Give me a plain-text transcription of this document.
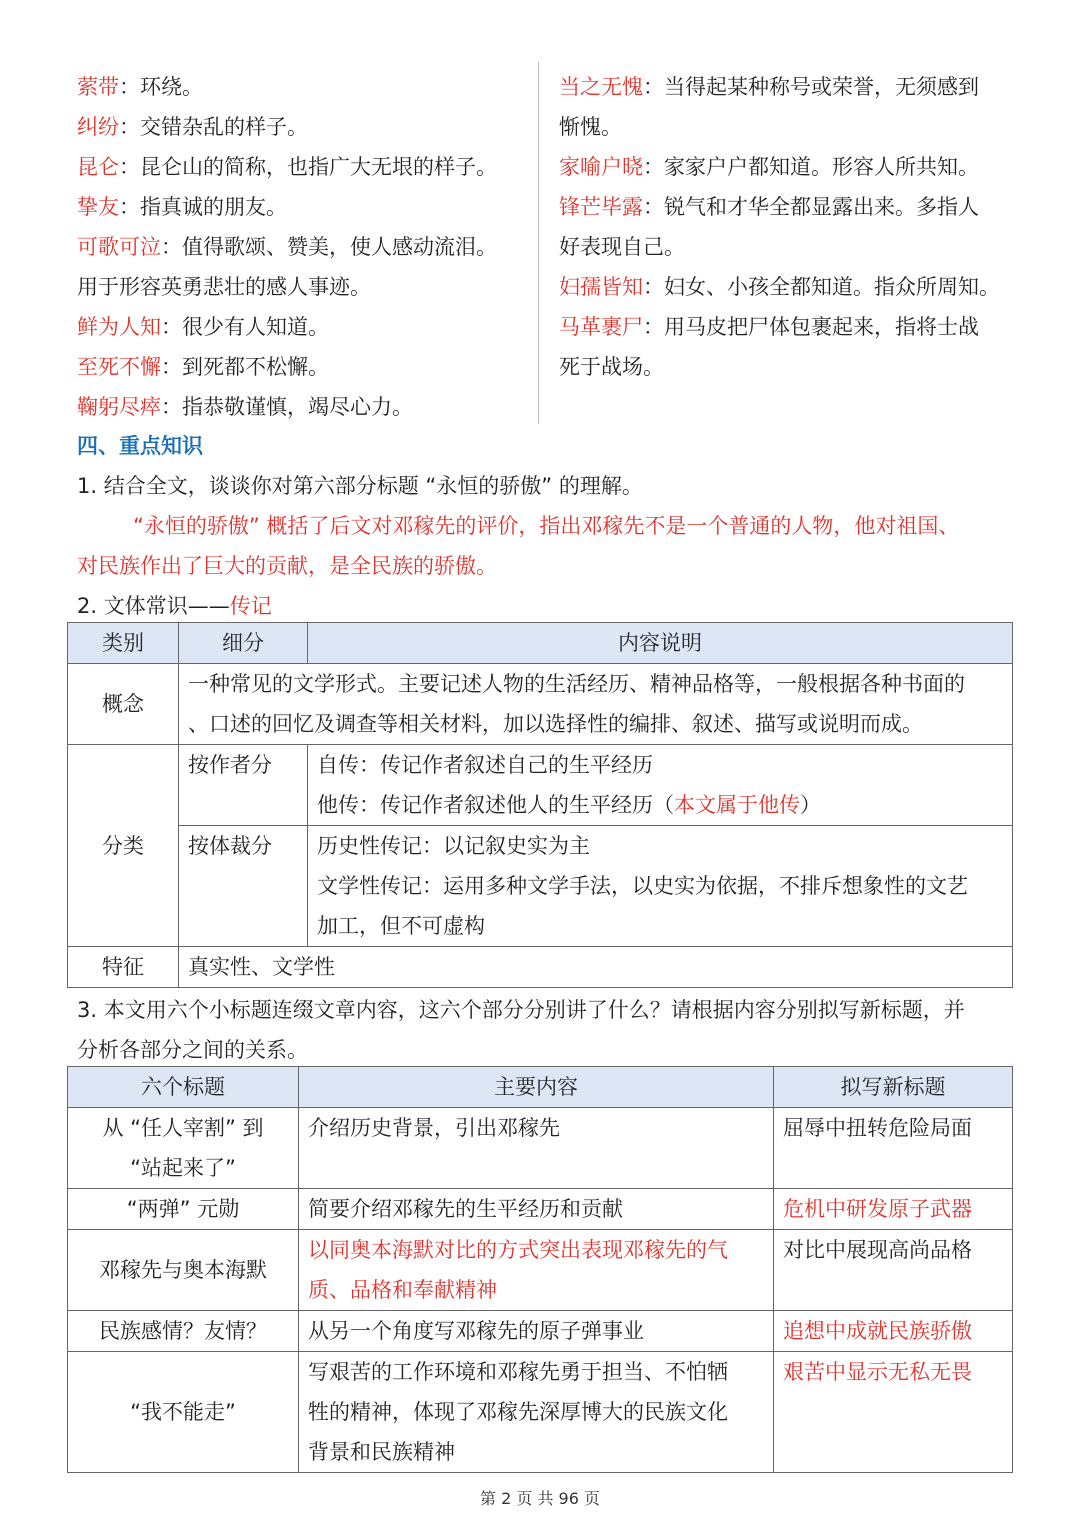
萦带：环绕。
纠纷：交错杂乱的样子。
昆仑：昆仑山的简称，也指广大无垠的样子。
挚友：指真诚的朋友。
可歌可泣：值得歌颂、赞美，使人感动流泪。
用于形容英勇悲壮的感人事迹。
鲜为人知：很少有人知道。
至死不懈：到死都不松懈。
鞠躬尽瘁：指恭敬谨慎，竭尽心力。
当之无愧：当得起某种称号或荣誉，无须感到
惭愧。
家喻户晓：家家户户都知道。形容人所共知。
锋芒毕露：锐气和才华全都显露出来。多指人
好表现自己。
妇孺皆知：妇女、小孩全都知道。指众所周知。
马革裹尸：用马皮把尸体包裹起来，指将士战
死于战场。
四、重点知识
1. 结合全文，谈谈你对第六部分标题 “永恒的骄傲” 的理解。
“永恒的骄傲” 概括了后文对邓稼先的评价，指出邓稼先不是一个普通的人物，他对祖国、
对民族作出了巨大的贡献，是全民族的骄傲。
2. 文体常识——传记
类别	细分	内容说明
概念	一种常见的文学形式。主要记述人物的生活经历、精神品格等，一般根据各种书面的
、口述的回忆及调查等相关材料，加以选择性的编排、叙述、描写或说明而成。	

分类	按作者分	自传：传记作者叙述自己的生平经历
他传：传记作者叙述他人的生平经历（本文属于他传）

	按体裁分	历史性传记：以记叙史实为主
文学性传记：运用多种文学手法，以史实为依据，不排斥想象性的文艺
加工，但不可虚构

特征	真实性、文学性	
3. 本文用六个小标题连缀文章内容，这六个部分分别讲了什么？请根据内容分别拟写新标题，并
分析各部分之间的关系。
六个标题	主要内容	拟写新标题

从 “任人宰割” 到
“站起来了”	介绍历史背景，引出邓稼先	屈辱中扭转危险局面
“两弹” 元勋	简要介绍邓稼先的生平经历和贡献	危机中研发原子武器
邓稼先与奥本海默	以同奥本海默对比的方式突出表现邓稼先的气
质、品格和奉献精神	对比中展现高尚品格
民族感情？友情？	从另一个角度写邓稼先的原子弹事业	追想中成就民族骄傲
“我不能走”	写艰苦的工作环境和邓稼先勇于担当、不怕牺
牲的精神，体现了邓稼先深厚博大的民族文化
背景和民族精神	艰苦中显示无私无畏
第 2 页 共 96 页
